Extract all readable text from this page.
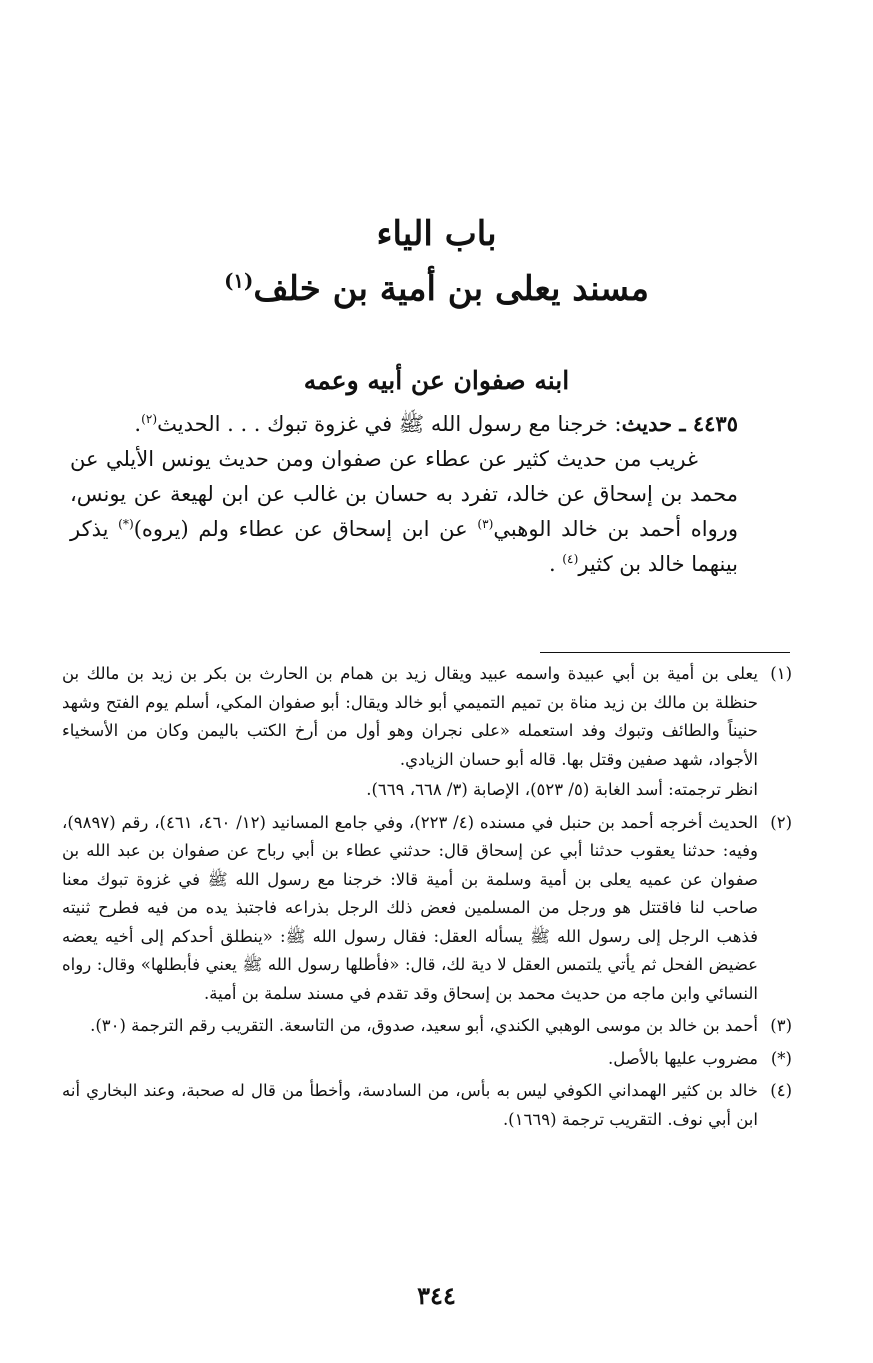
باب الياء
مسند يعلى بن أمية بن خلف$^{(١)}$
ابنه صفوان عن أبيه وعمه

٤٤٣٥ ـ حديث: خرجنا مع رسول الله ﷺ في غزوة تبوك . . . الحديث$^{(٢)}$.

غريب من حديث كثير عن عطاء عن صفوان ومن حديث يونس الأيلي عن محمد بن إسحاق عن خالد، تفرد به حسان بن غالب عن ابن لهيعة عن يونس، ورواه أحمد بن خالد الوهبي$^{(٣)}$ عن ابن إسحاق عن عطاء ولم (يروه)(*) يذكر بينهما خالد بن كثير$^{(٤)}$ .

(١)

يعلى بن أمية بن أبي عبيدة واسمه عبيد ويقال زيد بن همام بن الحارث بن بكر بن زيد بن مالك بن حنظلة بن مالك بن زيد مناة بن تميم التميمي أبو خالد ويقال: أبو صفوان المكي، أسلم يوم الفتح وشهد حنيناً والطائف وتبوك وفد استعمله «على نجران وهو أول من أرخ الكتب باليمن وكان من الأسخياء الأجواد، شهد صفين وقتل بها. قاله أبو حسان الزيادي.

انظر ترجمته: أسد الغابة (٥/ ٥٢٣)، الإصابة (٣/ ٦٦٨، ٦٦٩).

(٢)

الحديث أخرجه أحمد بن حنبل في مسنده (٤/ ٢٢٣)، وفي جامع المسانيد (١٢/ ٤٦٠، ٤٦١)، رقم (٩٨٩٧)، وفيه: حدثنا يعقوب حدثنا أبي عن إسحاق قال: حدثني عطاء بن أبي رباح عن صفوان بن عبد الله بن صفوان عن عميه يعلى بن أمية وسلمة بن أمية قالا: خرجنا مع رسول الله ﷺ في غزوة تبوك معنا صاحب لنا فاقتتل هو ورجل من المسلمين فعض ذلك الرجل بذراعه فاجتبذ يده من فيه فطرح ثنيته فذهب الرجل إلى رسول الله ﷺ يسأله العقل: فقال رسول الله ﷺ: «ينطلق أحدكم إلى أخيه يعضه عضيض الفحل ثم يأتي يلتمس العقل لا دية لك، قال: «فأطلها رسول الله ﷺ يعني فأبطلها» وقال: رواه النسائي وابن ماجه من حديث محمد بن إسحاق وقد تقدم في مسند سلمة بن أمية.

(٣)

أحمد بن خالد بن موسى الوهبي الكندي، أبو سعيد، صدوق، من التاسعة. التقريب رقم الترجمة (٣٠).

(*)

مضروب عليها بالأصل.

(٤)

خالد بن كثير الهمداني الكوفي ليس به بأس، من السادسة، وأخطأ من قال له صحبة، وعند البخاري أنه ابن أبي نوف. التقريب ترجمة (١٦٦٩).

٣٤٤
